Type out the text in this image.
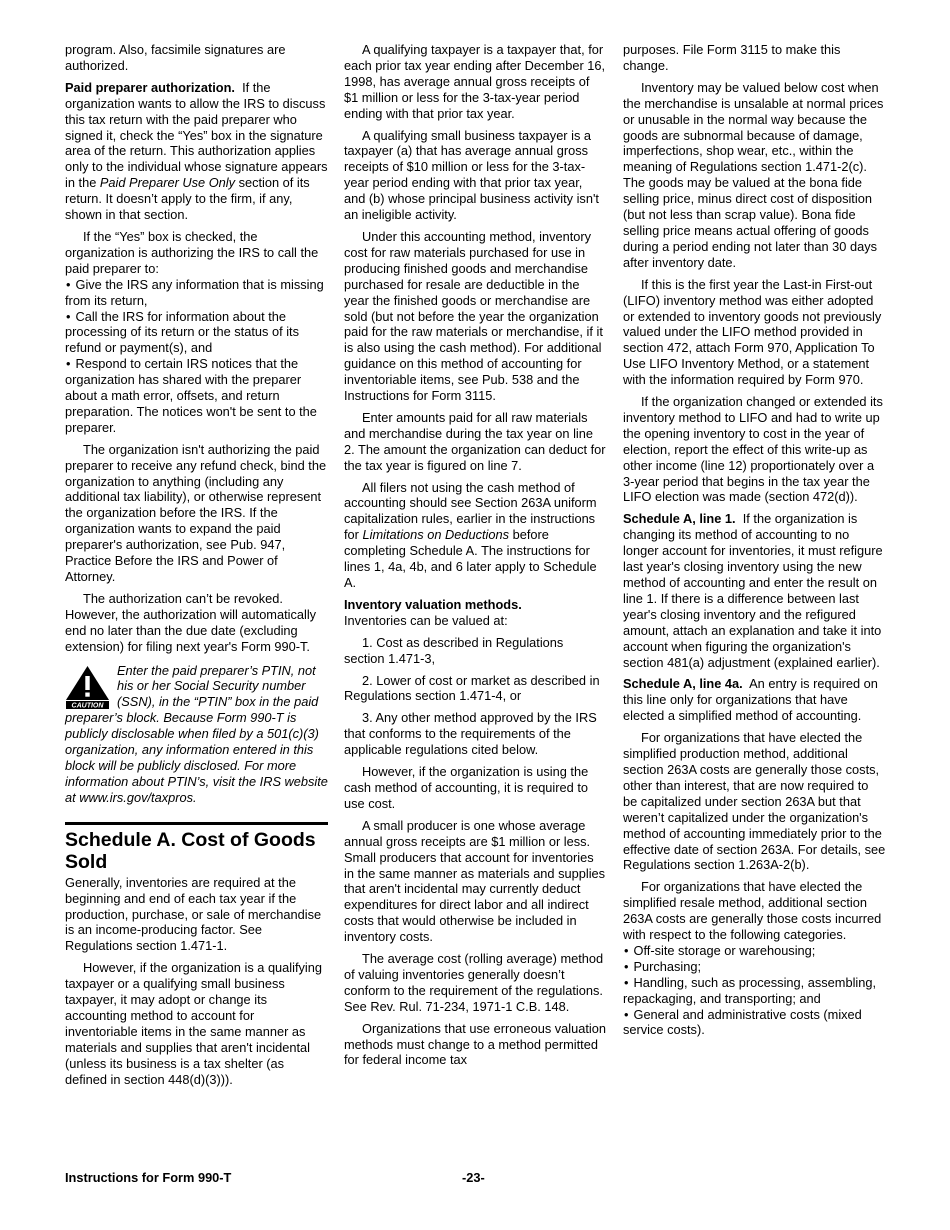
program. Also, facsimile signatures are authorized.

Paid preparer authorization. If the organization wants to allow the IRS to discuss this tax return with the paid preparer who signed it, check the “Yes” box in the signature area of the return. This authorization applies only to the individual whose signature appears in the Paid Preparer Use Only section of its return. It doesn’t apply to the firm, if any, shown in that section.

If the “Yes” box is checked, the organization is authorizing the IRS to call the paid preparer to:

• Give the IRS any information that is missing from its return,
• Call the IRS for information about the processing of its return or the status of its refund or payment(s), and
• Respond to certain IRS notices that the organization has shared with the preparer about a math error, offsets, and return preparation. The notices won't be sent to the preparer.

The organization isn't authorizing the paid preparer to receive any refund check, bind the organization to anything (including any additional tax liability), or otherwise represent the organization before the IRS. If the organization wants to expand the paid preparer's authorization, see Pub. 947, Practice Before the IRS and Power of Attorney.

The authorization can’t be revoked. However, the authorization will automatically end no later than the due date (excluding extension) for filing next year's Form 990-T.

CAUTION
Enter the paid preparer’s PTIN, not his or her Social Security number (SSN), in the “PTIN” box in the paid preparer’s block. Because Form 990-T is publicly disclosable when filed by a 501(c)(3) organization, any information entered in this block will be publicly disclosed. For more information about PTIN’s, visit the IRS website at www.irs.gov/taxpros.
Schedule A. Cost of Goods Sold

Generally, inventories are required at the beginning and end of each tax year if the production, purchase, or sale of merchandise is an income-producing factor. See Regulations section 1.471-1.

However, if the organization is a qualifying taxpayer or a qualifying small business taxpayer, it may adopt or change its accounting method to account for inventoriable items in the same manner as materials and supplies that aren't incidental (unless its business is a tax shelter (as defined in section 448(d)(3))).

A qualifying taxpayer is a taxpayer that, for each prior tax year ending after December 16, 1998, has average annual gross receipts of $1 million or less for the 3-tax-year period ending with that prior tax year.

A qualifying small business taxpayer is a taxpayer (a) that has average annual gross receipts of $10 million or less for the 3-tax-year period ending with that prior tax year, and (b) whose principal business activity isn't an ineligible activity.

Under this accounting method, inventory cost for raw materials purchased for use in producing finished goods and merchandise purchased for resale are deductible in the year the finished goods or merchandise are sold (but not before the year the organization paid for the raw materials or merchandise, if it is also using the cash method). For additional guidance on this method of accounting for inventoriable items, see Pub. 538 and the Instructions for Form 3115.

Enter amounts paid for all raw materials and merchandise during the tax year on line 2. The amount the organization can deduct for the tax year is figured on line 7.

All filers not using the cash method of accounting should see Section 263A uniform capitalization rules, earlier in the instructions for Limitations on Deductions before completing Schedule A. The instructions for lines 1, 4a, 4b, and 6 later apply to Schedule A.

Inventory valuation methods.
Inventories can be valued at:

1. Cost as described in Regulations section 1.471-3,

2. Lower of cost or market as described in Regulations section 1.471-4, or

3. Any other method approved by the IRS that conforms to the requirements of the applicable regulations cited below.

However, if the organization is using the cash method of accounting, it is required to use cost.

A small producer is one whose average annual gross receipts are $1 million or less. Small producers that account for inventories in the same manner as materials and supplies that aren't incidental may currently deduct expenditures for direct labor and all indirect costs that would otherwise be included in inventory costs.

The average cost (rolling average) method of valuing inventories generally doesn’t conform to the requirement of the regulations. See Rev. Rul. 71-234, 1971-1 C.B. 148.

Organizations that use erroneous valuation methods must change to a method permitted for federal income tax

purposes. File Form 3115 to make this change.

Inventory may be valued below cost when the merchandise is unsalable at normal prices or unusable in the normal way because the goods are subnormal because of damage, imperfections, shop wear, etc., within the meaning of Regulations section 1.471-2(c). The goods may be valued at the bona fide selling price, minus direct cost of disposition (but not less than scrap value). Bona fide selling price means actual offering of goods during a period ending not later than 30 days after inventory date.

If this is the first year the Last-in First-out (LIFO) inventory method was either adopted or extended to inventory goods not previously valued under the LIFO method provided in section 472, attach Form 970, Application To Use LIFO Inventory Method, or a statement with the information required by Form 970.

If the organization changed or extended its inventory method to LIFO and had to write up the opening inventory to cost in the year of election, report the effect of this write-up as other income (line 12) proportionately over a 3-year period that begins in the tax year the LIFO election was made (section 472(d)).

Schedule A, line 1. If the organization is changing its method of accounting to no longer account for inventories, it must refigure last year's closing inventory using the new method of accounting and enter the result on line 1. If there is a difference between last year's closing inventory and the refigured amount, attach an explanation and take it into account when figuring the organization's section 481(a) adjustment (explained earlier).

Schedule A, line 4a. An entry is required on this line only for organizations that have elected a simplified method of accounting.

For organizations that have elected the simplified production method, additional section 263A costs are generally those costs, other than interest, that are now required to be capitalized under section 263A but that weren’t capitalized under the organization's method of accounting immediately prior to the effective date of section 263A. For details, see Regulations section 1.263A-2(b).

For organizations that have elected the simplified resale method, additional section 263A costs are generally those costs incurred with respect to the following categories.

• Off-site storage or warehousing;
• Purchasing;
• Handling, such as processing, assembling, repackaging, and transporting; and
• General and administrative costs (mixed service costs).

Instructions for Form 990-T	-23-
